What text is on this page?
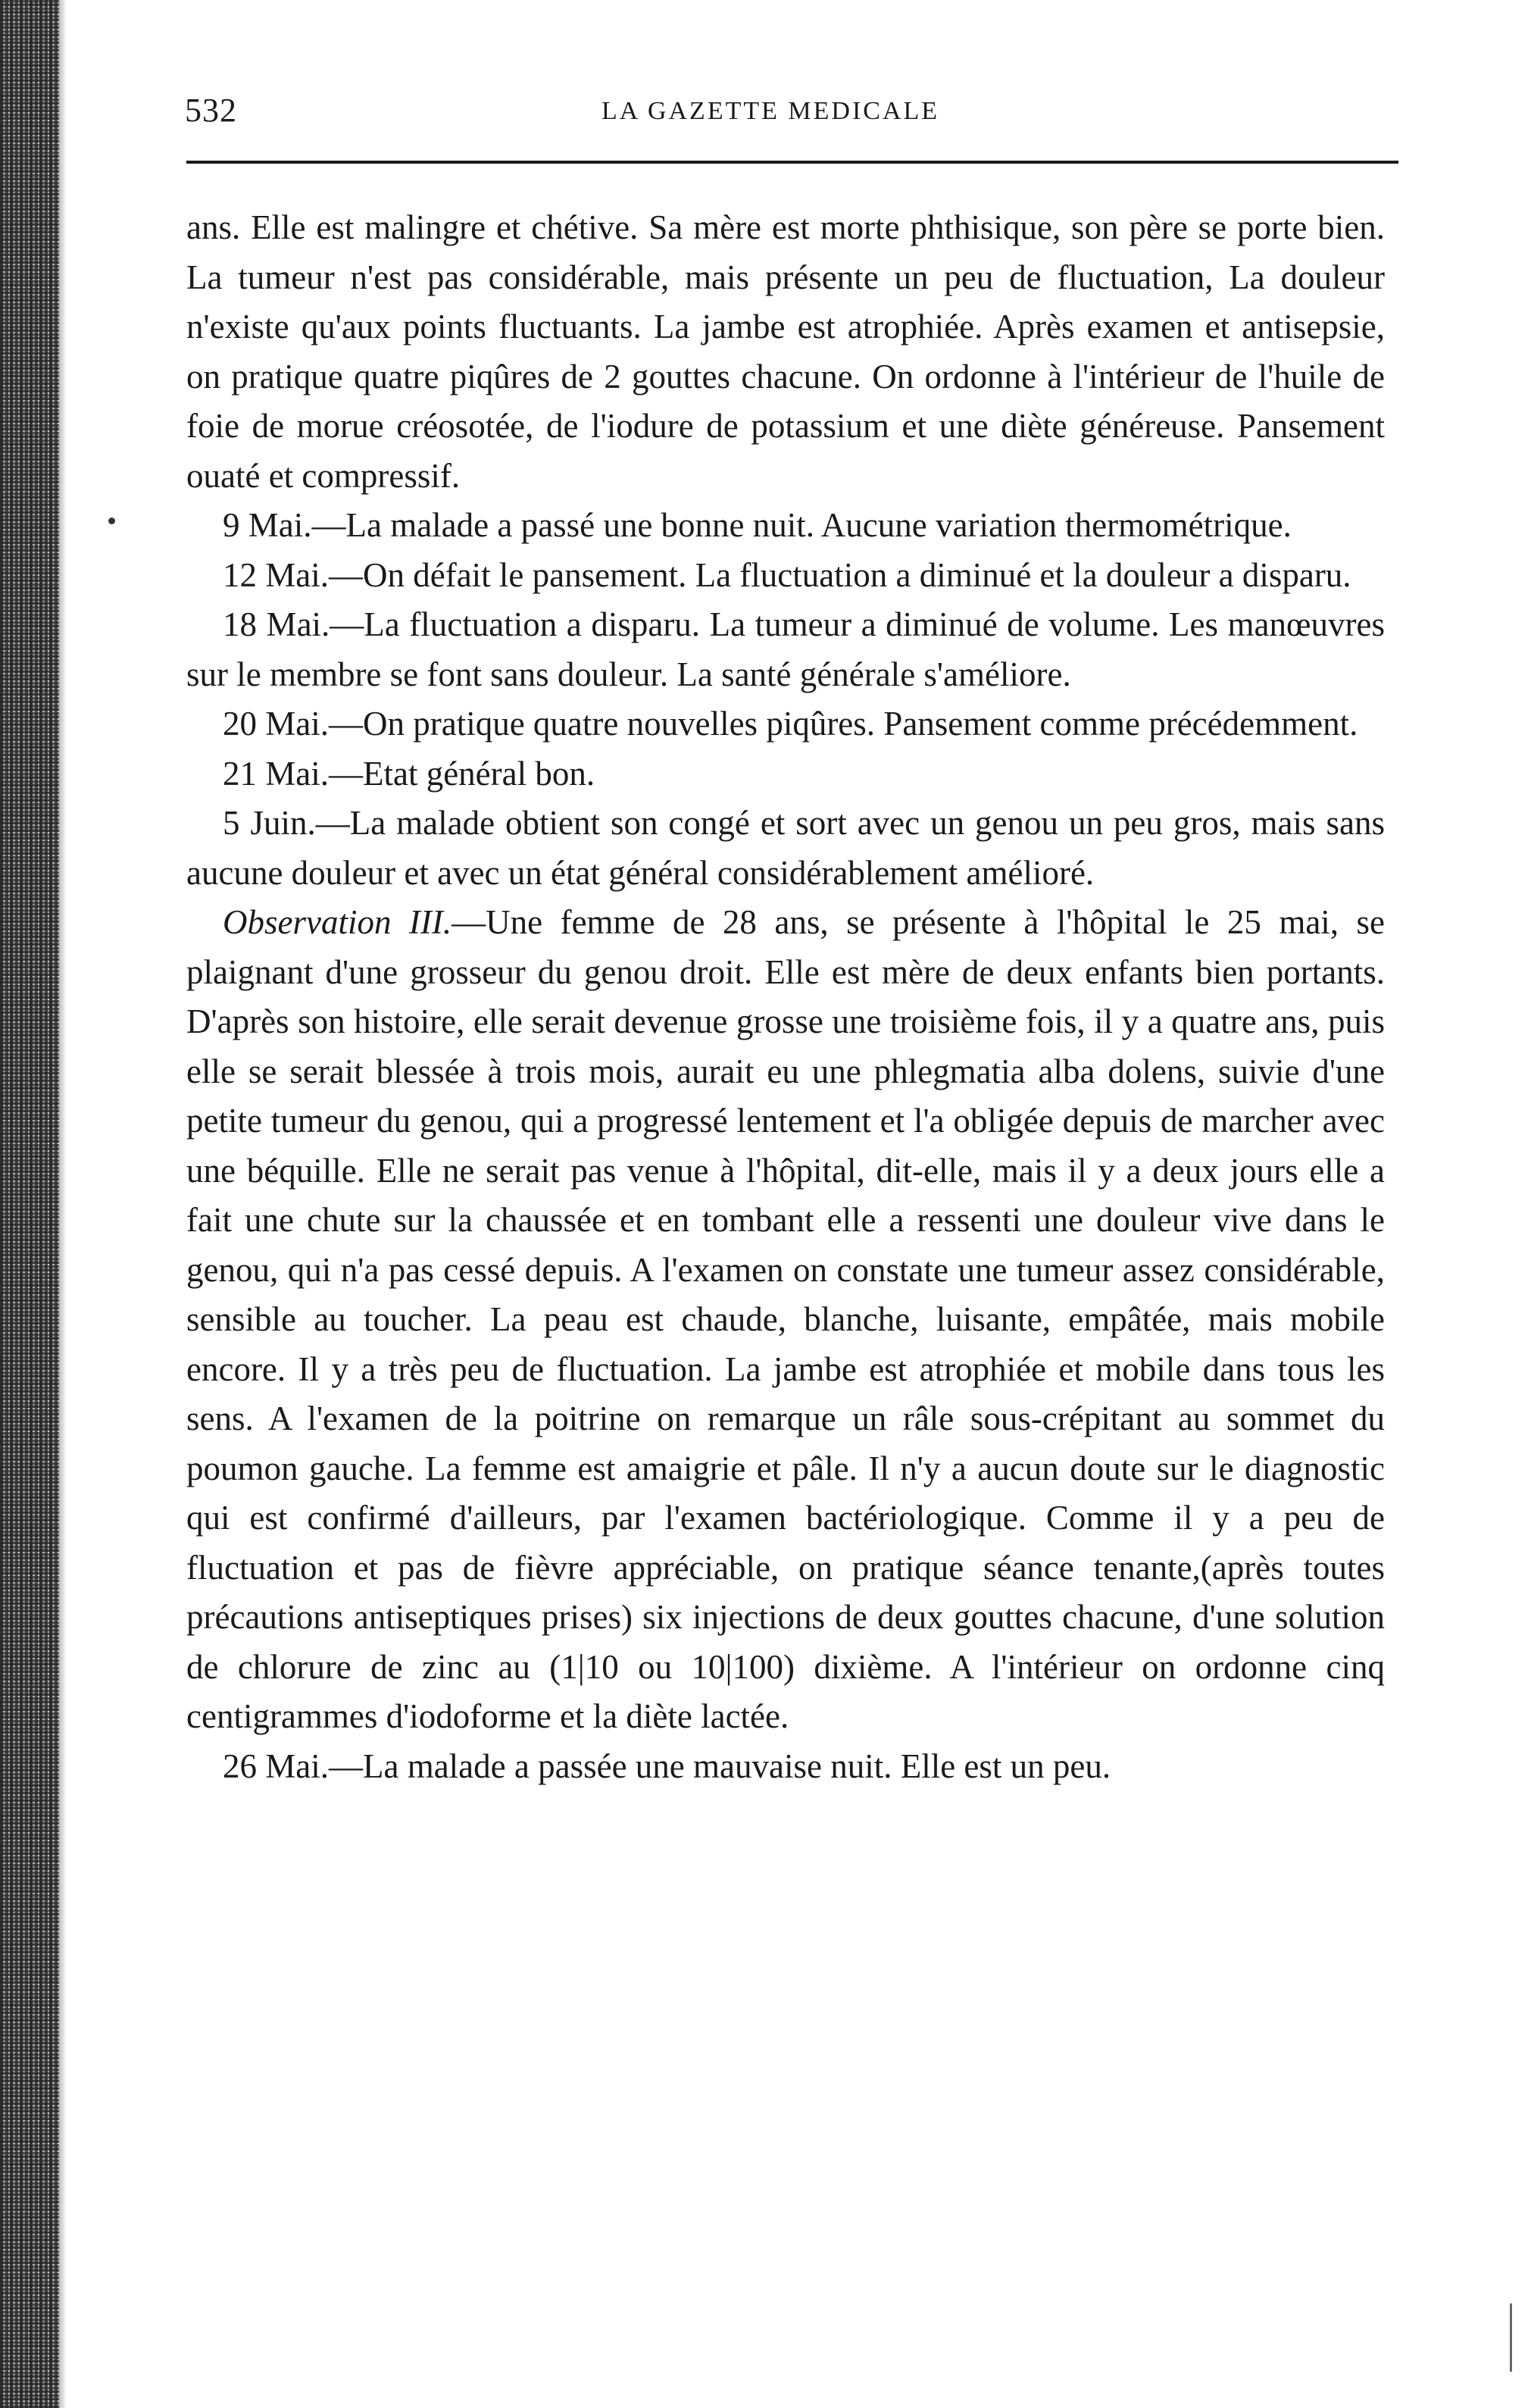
532	LA GAZETTE MEDICALE

ans. Elle est malingre et chétive. Sa mère est morte phthisique, son père se porte bien. La tumeur n'est pas considérable, mais présente un peu de fluctuation, La douleur n'existe qu'aux points fluctuants. La jambe est atrophiée. Après examen et antisepsie, on pratique quatre piqûres de 2 gouttes chacune. On ordonne à l'intérieur de l'huile de foie de morue créosotée, de l'iodure de potassium et une diète généreuse. Pansement ouaté et compressif.

9 Mai.—La malade a passé une bonne nuit. Aucune variation thermométrique.

12 Mai.—On défait le pansement. La fluctuation a diminué et la douleur a disparu.

18 Mai.—La fluctuation a disparu. La tumeur a diminué de volume. Les manœuvres sur le membre se font sans douleur. La santé générale s'améliore.

20 Mai.—On pratique quatre nouvelles piqûres. Pansement comme précédemment.

21 Mai.—Etat général bon.

5 Juin.—La malade obtient son congé et sort avec un genou un peu gros, mais sans aucune douleur et avec un état général considérablement amélioré.

Observation III.—Une femme de 28 ans, se présente à l'hôpital le 25 mai, se plaignant d'une grosseur du genou droit. Elle est mère de deux enfants bien portants. D'après son histoire, elle serait devenue grosse une troisième fois, il y a quatre ans, puis elle se serait blessée à trois mois, aurait eu une phlegmatia alba dolens, suivie d'une petite tumeur du genou, qui a progressé lentement et l'a obligée depuis de marcher avec une béquille. Elle ne serait pas venue à l'hôpital, dit-elle, mais il y a deux jours elle a fait une chute sur la chaussée et en tombant elle a ressenti une douleur vive dans le genou, qui n'a pas cessé depuis. A l'examen on constate une tumeur assez considérable, sensible au toucher. La peau est chaude, blanche, luisante, empâtée, mais mobile encore. Il y a très peu de fluctuation. La jambe est atrophiée et mobile dans tous les sens. A l'examen de la poitrine on remarque un râle sous-crépitant au sommet du poumon gauche. La femme est amaigrie et pâle. Il n'y a aucun doute sur le diagnostic qui est confirmé d'ailleurs, par l'examen bactériologique. Comme il y a peu de fluctuation et pas de fièvre appréciable, on pratique séance tenante,(après toutes précautions antiseptiques prises) six injections de deux gouttes chacune, d'une solution de chlorure de zinc au (1|10 ou 10|100) dixième. A l'intérieur on ordonne cinq centigrammes d'iodoforme et la diète lactée.

26 Mai.—La malade a passée une mauvaise nuit. Elle est un peu.
